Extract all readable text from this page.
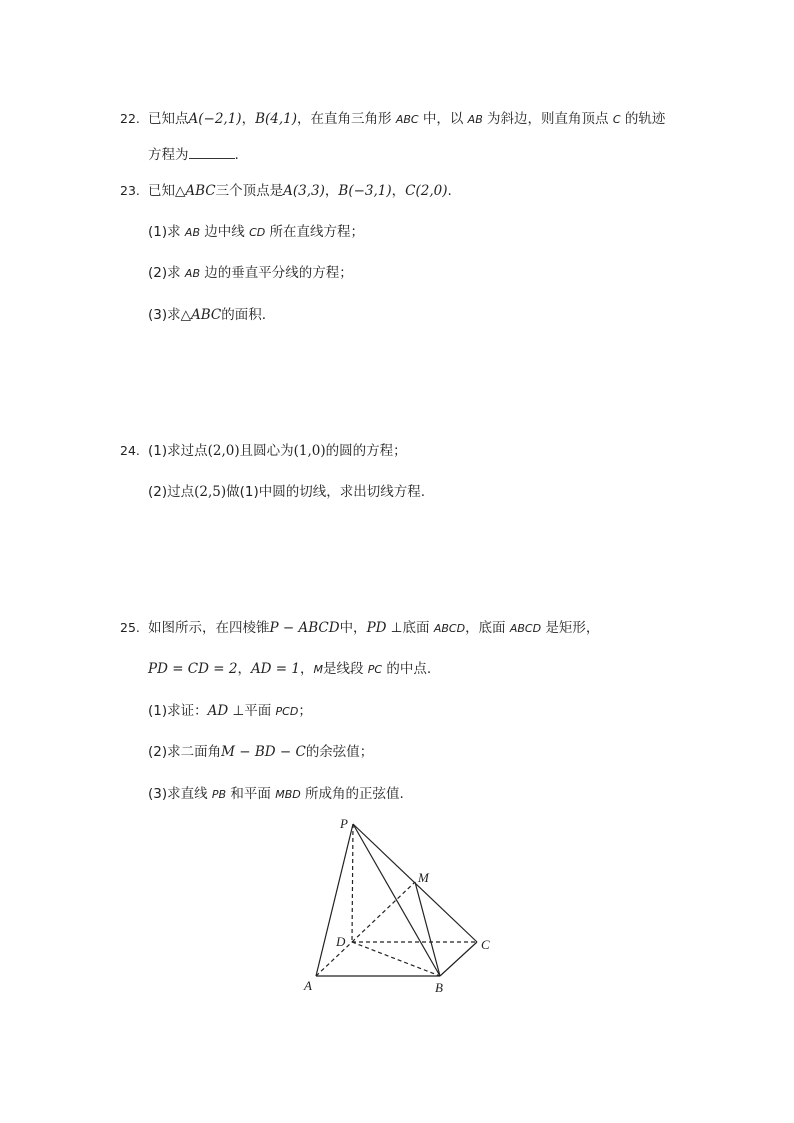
22. 已知点A(−2,1)，B(4,1)，在直角三角形 ABC 中，以 AB 为斜边，则直角顶点 C 的轨迹
方程为	.
23. 已知△ABC三个顶点是A(3,3)，B(−3,1)，C(2,0).
(1)求 AB 边中线 CD 所在直线方程；
(2)求 AB 边的垂直平分线的方程；
(3)求△ABC的面积.
24. (1)求过点(2,0)且圆心为(1,0)的圆的方程；
(2)过点(2,5)做(1)中圆的切线，求出切线方程.
25. 如图所示，在四棱锥P − ABCD中，PD ⊥底面 ABCD，底面 ABCD 是矩形，
PD = CD = 2，AD = 1，M是线段 PC 的中点.
(1)求证：AD ⊥平面 PCD；
(2)求二面角M − BD − C的余弦值；
(3)求直线 PB 和平面 MBD 所成角的正弦值.
P
M
D	C
A	B
